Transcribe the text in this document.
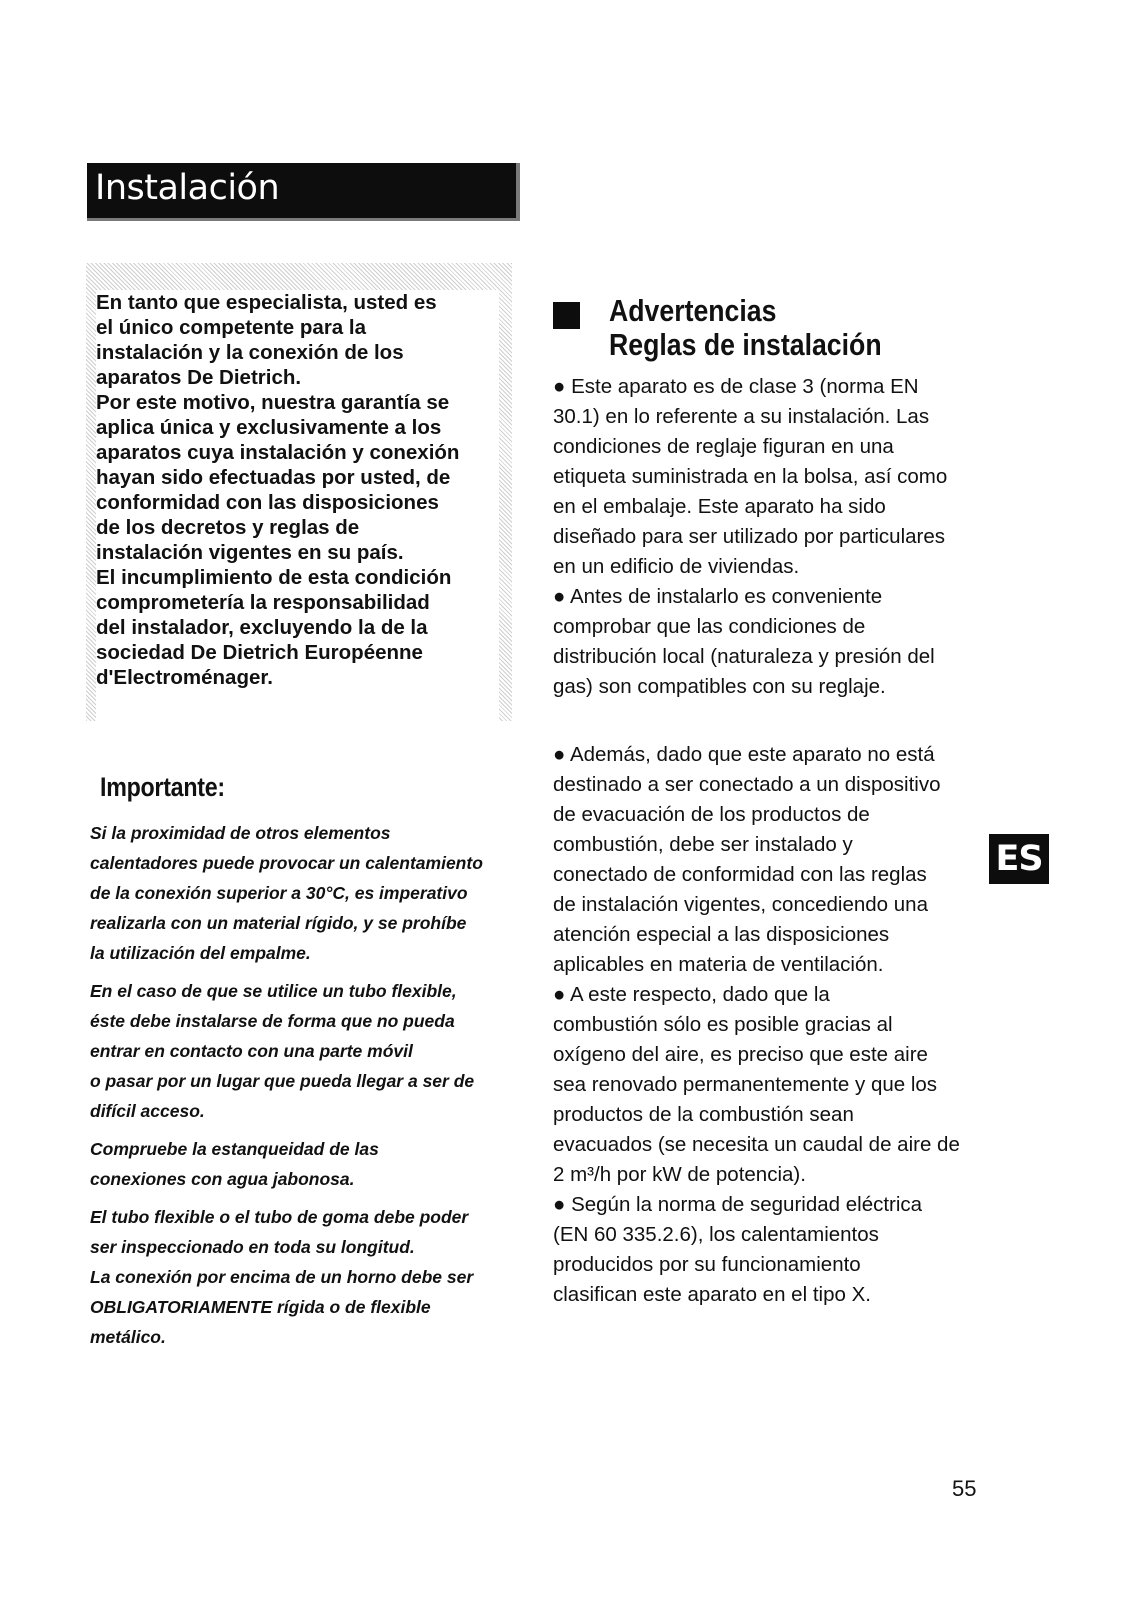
Instalación

En tanto que especialista, usted es
el único competente para la
instalación y la conexión de los
aparatos De Dietrich.

Por este motivo, nuestra garantía se
aplica única y exclusivamente a los
aparatos cuya instalación y conexión
hayan sido efectuadas por usted, de
conformidad con las disposiciones
de los decretos y reglas de
instalación vigentes en su país.

El incumplimiento de esta condición
comprometería la responsabilidad
del instalador, excluyendo la de la
sociedad De Dietrich Européenne
d'Electroménager.

Importante:

Si la proximidad de otros elementos
calentadores puede provocar un calentamiento
de la conexión superior a 30°C, es imperativo
realizarla con un material rígido, y se prohíbe
la utilización del empalme.

En el caso de que se utilice un tubo flexible,
éste debe instalarse de forma que no pueda
entrar en contacto con una parte móvil
o pasar por un lugar que pueda llegar a ser de
difícil acceso.

Compruebe la estanqueidad de las
conexiones con agua jabonosa.

El tubo flexible o el tubo de goma debe poder
ser inspeccionado en toda su longitud.

La conexión por encima de un horno debe ser
OBLIGATORIAMENTE rígida o de flexible
metálico.

Advertencias
Reglas de instalación

● Este aparato es de clase 3 (norma EN
30.1) en lo referente a su instalación. Las
condiciones de reglaje figuran en una
etiqueta suministrada en la bolsa, así como
en el embalaje. Este aparato ha sido
diseñado para ser utilizado por particulares
en un edificio de viviendas.

● Antes de instalarlo es conveniente
comprobar que las condiciones de
distribución local (naturaleza y presión del
gas) son compatibles con su reglaje.

● Además, dado que este aparato no está
destinado a ser conectado a un dispositivo
de evacuación de los productos de
combustión, debe ser instalado y
conectado de conformidad con las reglas
de instalación vigentes, concediendo una
atención especial a las disposiciones
aplicables en materia de ventilación.

● A este respecto, dado que la
combustión sólo es posible gracias al
oxígeno del aire, es preciso que este aire
sea renovado permanentemente y que los
productos de la combustión sean
evacuados (se necesita un caudal de aire de
2 m³/h por kW de potencia).

● Según la norma de seguridad eléctrica
(EN 60 335.2.6), los calentamientos
producidos por su funcionamiento
clasifican este aparato en el tipo X.

ES
55
